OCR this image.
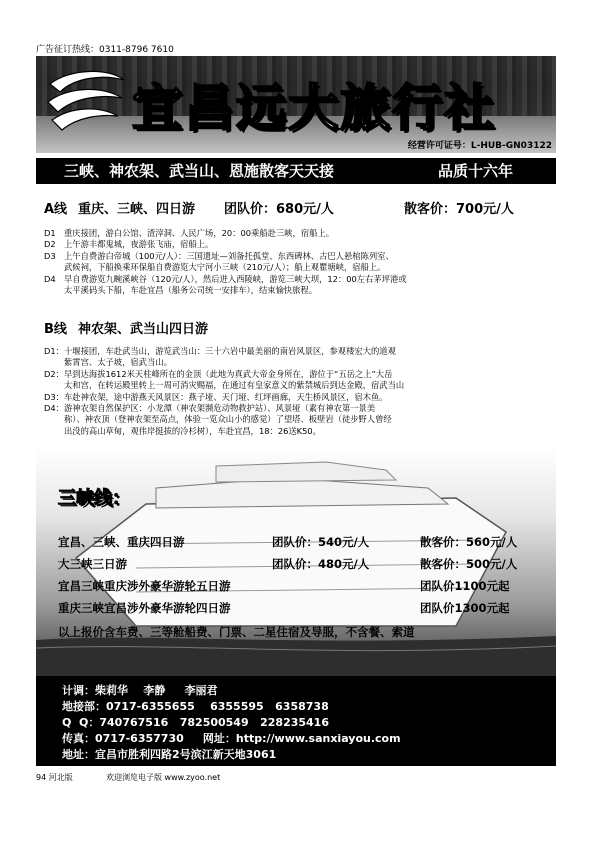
广告征订热线：0311-8796 7610
宜昌远大旅行社
经营许可证号：L-HUB-GN03122
三峡、神农架、武当山、恩施散客天天接	品质十六年
A线 重庆、三峡、四日游 团队价：680元/人	散客价：700元/人
D1	重庆接团，游白公馆、渣滓洞、人民广场，20：00乘船赴三峡，宿船上。
D2	上午游丰都鬼城，夜游张飞庙，宿船上。
D3	上午自费游白帝城（100元/人）：三国遗址—刘备托孤堂、东西碑林、古巴人悬棺陈列室、
武候祠，下船换乘环保船自费游览大宁河小三峡（210元/人）；船上观瞿塘峡，宿船上。
D4	早自费游览九畹溪峡谷（120元/人），然后进入西陵峡，游览三峡大坝，12：00左右茅坪港或
太平溪码头下船，车赴宜昌（船务公司统一安排车），结束愉快旅程。
B线 神农架、武当山四日游
D1： 十堰接团，车赴武当山，游览武当山：三十六岩中最美丽的南岩风景区，参观楼宏大的道观
紫霄宫、太子坡，宿武当山。
D2： 早到达海拔1612米天柱峰所在的金顶（此地为真武大帝金身所在，游位于“五岳之上”大岳
太和宫，在转运殿里转上一周可消灾赐福，在通过有皇家意义的紫禁城后到达金殿，宿武当山
D3： 车赴神农架，途中游燕天风景区：燕子垭、天门垭、红坪画廊，天生桥风景区，宿木鱼。
D4： 游神农架自然保护区：小龙潭（神农架濒危动物救护站）、风景垭（素有神农第一景美
称）、神农顶（登神农架至高点，体验一览众山小的感觉）了望塔、板壁岩（徒步野人曾经
出没的高山草甸，观伟岸挺拔的冷杉树），车赴宜昌，18：26送K50。
三峡线：
宜昌、三峡、重庆四日游	团队价：540元/人	散客价：560元/人
大三峡三日游	团队价：480元/人	散客价：500元/人
宜昌三峡重庆涉外豪华游轮五日游	团队价1100元起
重庆三峡宜昌涉外豪华游轮四日游	团队价1300元起
以上报价含车费、三等舱船费、门票、二星住宿及导服，不含餐、索道
计调：柴莉华    李静     李丽君
地接部：0717-6355655    6355595   6358738
Q  Q：740767516   782500549   228235416
传真：0717-6357730     网址：http://www.sanxiayou.com
地址：宜昌市胜利四路2号滨江新天地3061
94 河北版	欢迎浏览电子版 www.zyoo.net
